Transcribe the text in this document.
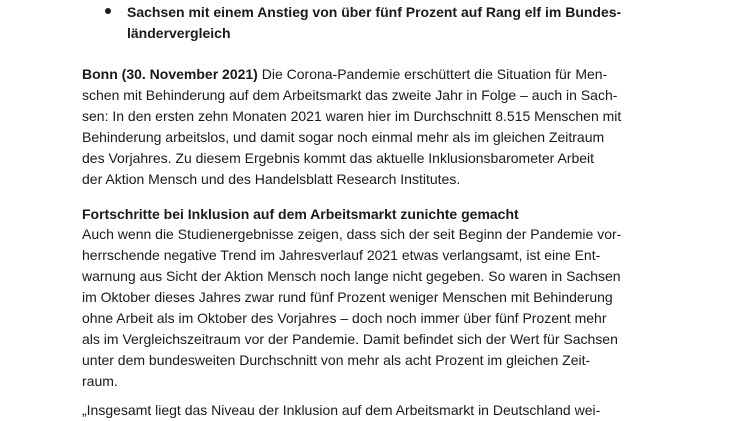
Sachsen mit einem Anstieg von über fünf Prozent auf Rang elf im Bundes-
ländervergleich
Bonn (30. November 2021) Die Corona-Pandemie erschüttert die Situation für Men-
schen mit Behinderung auf dem Arbeitsmarkt das zweite Jahr in Folge – auch in Sach-
sen: In den ersten zehn Monaten 2021 waren hier im Durchschnitt 8.515 Menschen mit
Behinderung arbeitslos, und damit sogar noch einmal mehr als im gleichen Zeitraum
des Vorjahres. Zu diesem Ergebnis kommt das aktuelle Inklusionsbarometer Arbeit
der Aktion Mensch und des Handelsblatt Research Institutes.
Fortschritte bei Inklusion auf dem Arbeitsmarkt zunichte gemacht
Auch wenn die Studienergebnisse zeigen, dass sich der seit Beginn der Pandemie vor-
herrschende negative Trend im Jahresverlauf 2021 etwas verlangsamt, ist eine Ent-
warnung aus Sicht der Aktion Mensch noch lange nicht gegeben. So waren in Sachsen
im Oktober dieses Jahres zwar rund fünf Prozent weniger Menschen mit Behinderung
ohne Arbeit als im Oktober des Vorjahres – doch noch immer über fünf Prozent mehr
als im Vergleichszeitraum vor der Pandemie. Damit befindet sich der Wert für Sachsen
unter dem bundesweiten Durchschnitt von mehr als acht Prozent im gleichen Zeit-
raum.
„Insgesamt liegt das Niveau der Inklusion auf dem Arbeitsmarkt in Deutschland wei-
